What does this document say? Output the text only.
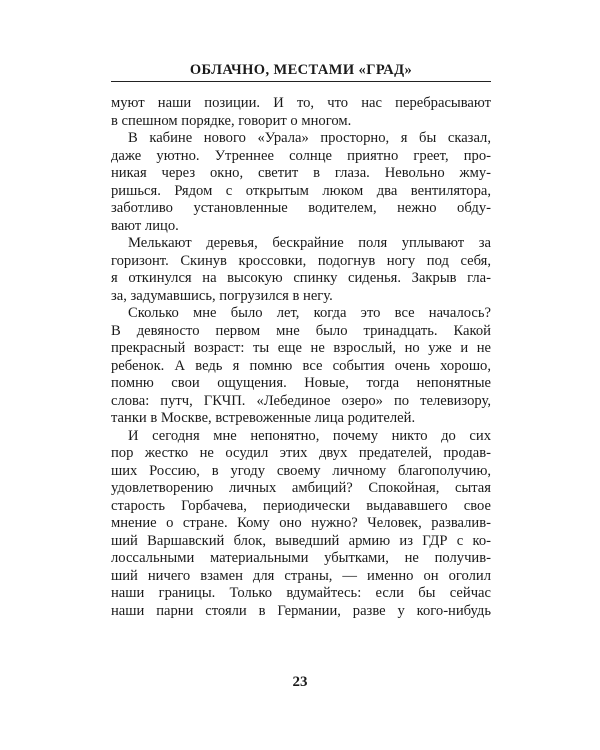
ОБЛАЧНО, МЕСТАМИ «ГРАД»
муют наши позиции. И то, что нас перебрасывают
в спешном порядке, говорит о многом.
В кабине нового «Урала» просторно, я бы сказал,
даже уютно. Утреннее солнце приятно греет, про-
никая через окно, светит в глаза. Невольно жму-
ришься. Рядом с открытым люком два вентилятора,
заботливо установленные водителем, нежно обду-
вают лицо.
Мелькают деревья, бескрайние поля уплывают за
горизонт. Скинув кроссовки, подогнув ногу под себя,
я откинулся на высокую спинку сиденья. Закрыв гла-
за, задумавшись, погрузился в негу.
Сколько мне было лет, когда это все началось?
В девяносто первом мне было тринадцать. Какой
прекрасный возраст: ты еще не взрослый, но уже и не
ребенок. А ведь я помню все события очень хорошо,
помню свои ощущения. Новые, тогда непонятные
слова: путч, ГКЧП. «Лебединое озеро» по телевизору,
танки в Москве, встревоженные лица родителей.
И сегодня мне непонятно, почему никто до сих
пор жестко не осудил этих двух предателей, продав-
ших Россию, в угоду своему личному благополучию,
удовлетворению личных амбиций? Спокойная, сытая
старость Горбачева, периодически выдававшего свое
мнение о стране. Кому оно нужно? Человек, развалив-
ший Варшавский блок, выведший армию из ГДР с ко-
лоссальными материальными убытками, не получив-
ший ничего взамен для страны, — именно он оголил
наши границы. Только вдумайтесь: если бы сейчас
наши парни стояли в Германии, разве у кого-нибудь
23
